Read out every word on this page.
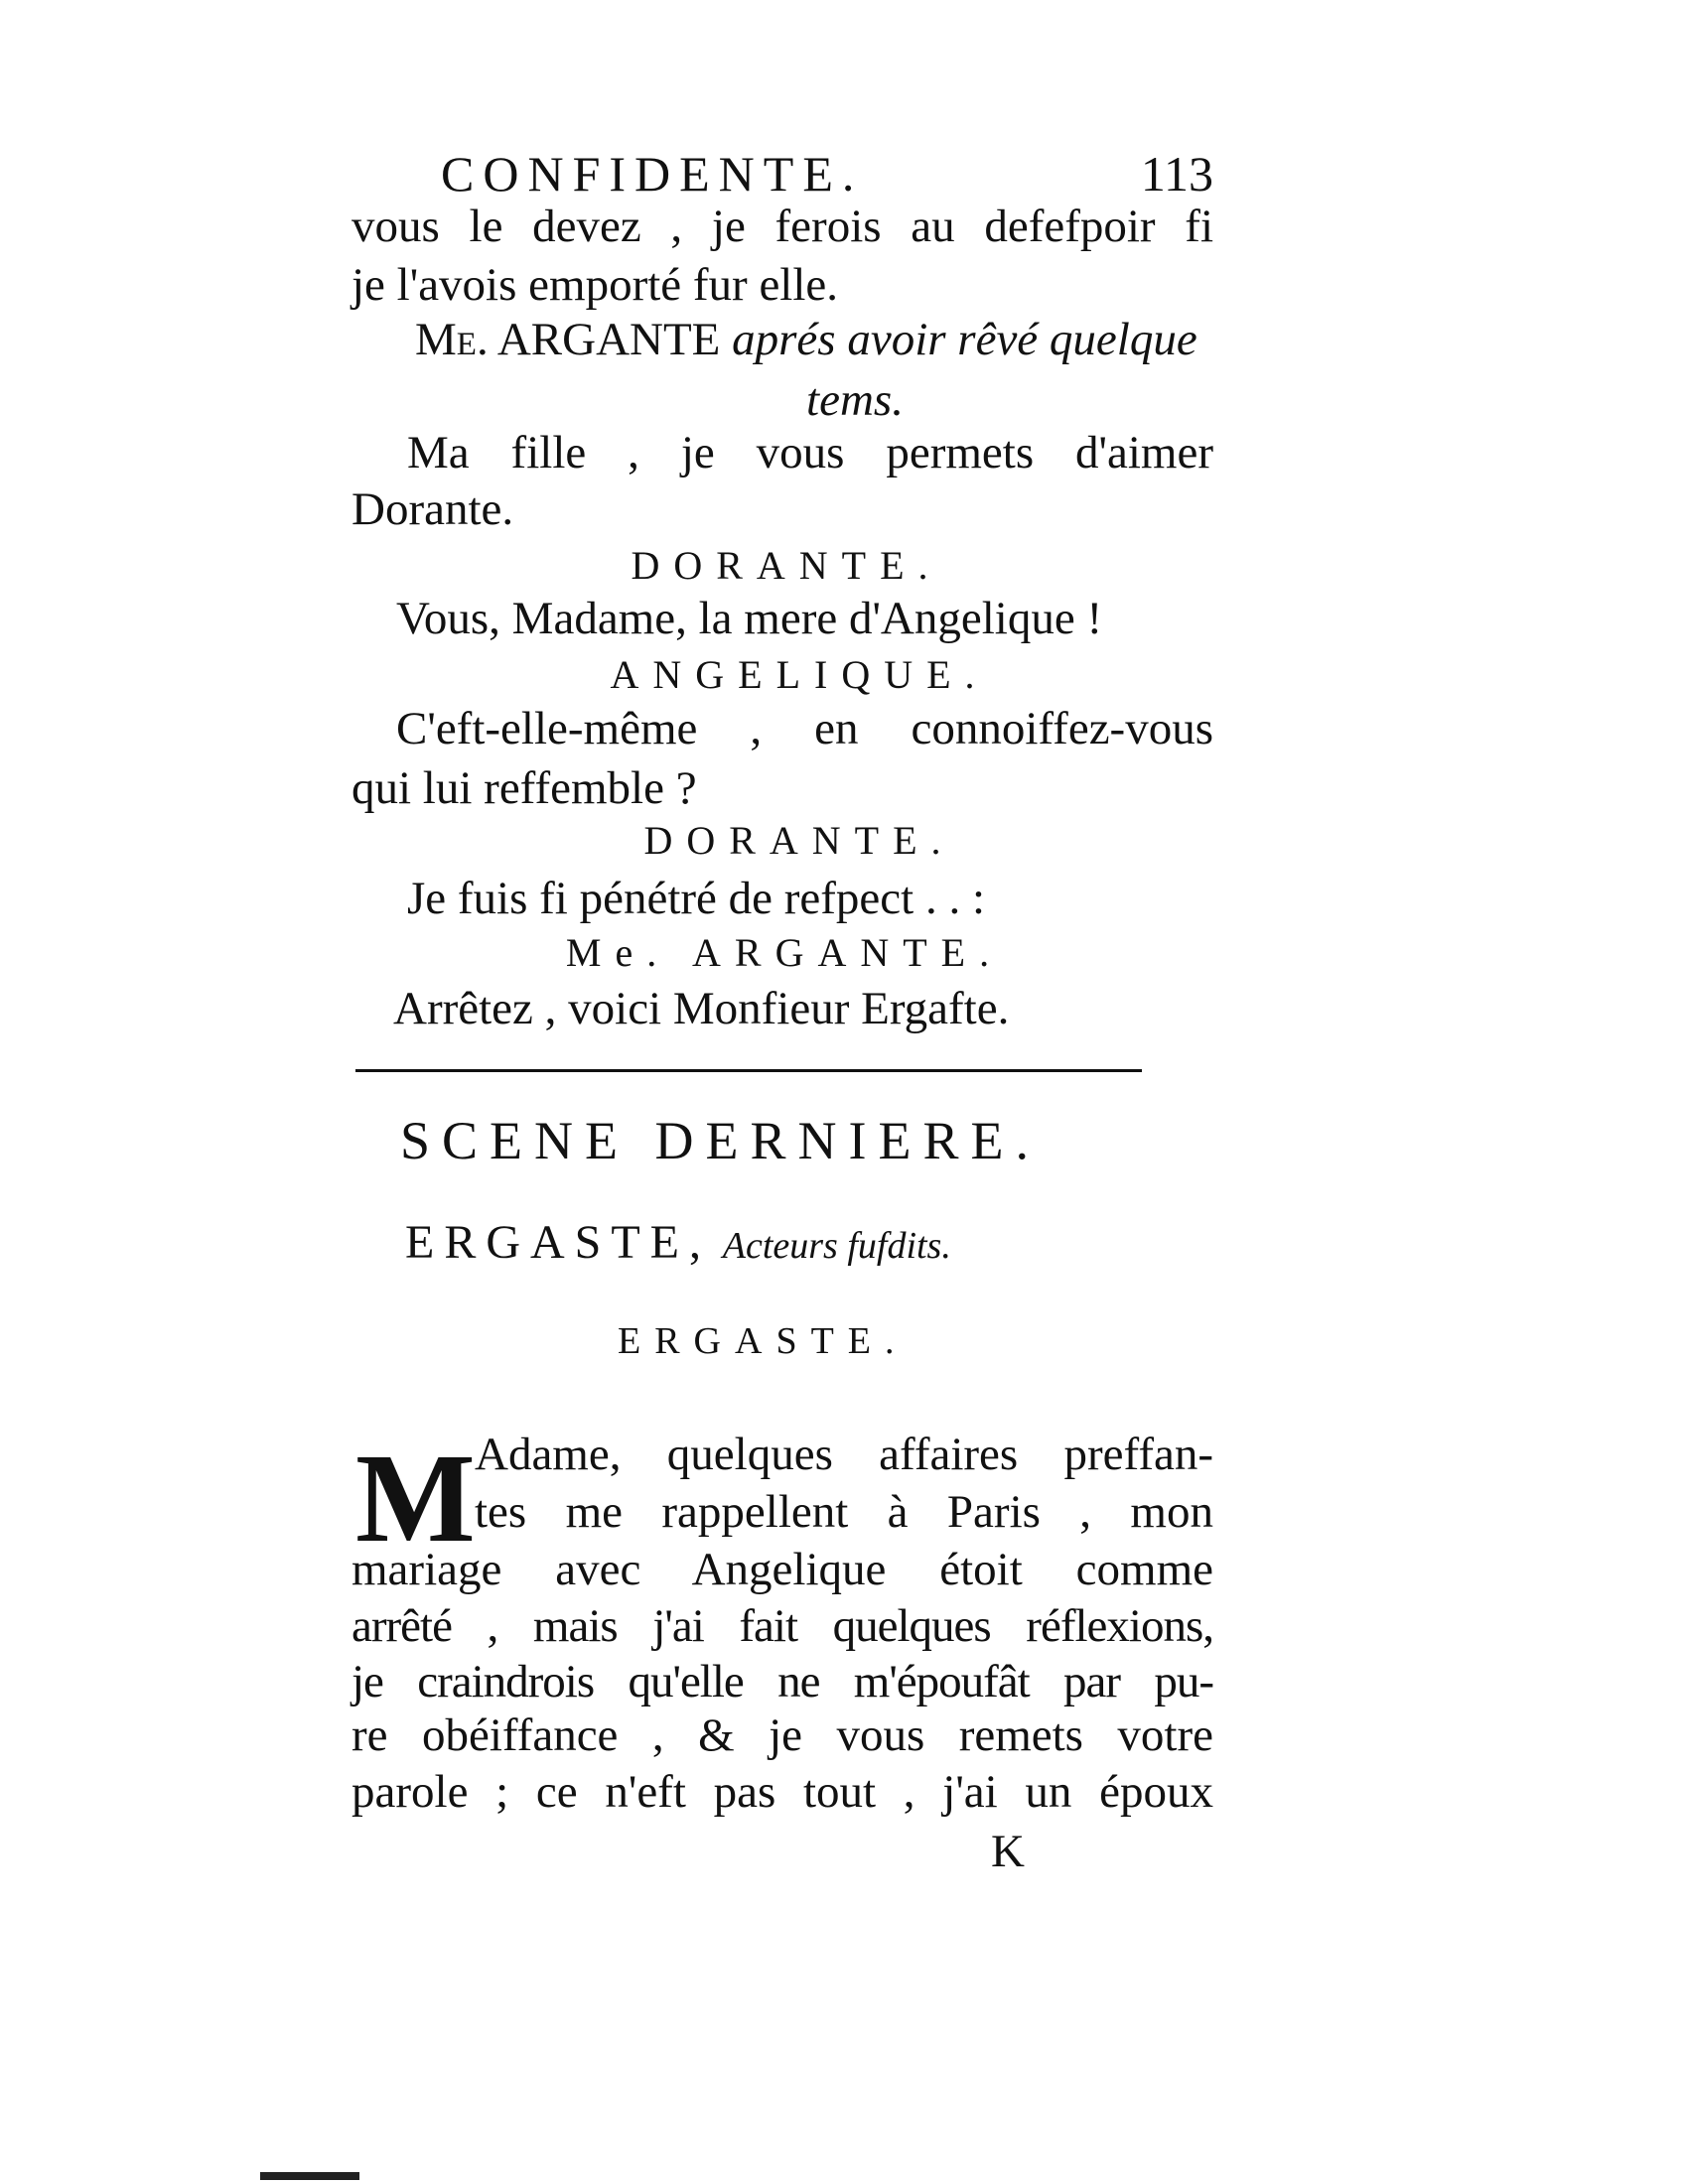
CONFIDENTE.	113
vous le devez , je ferois au defefpoir fi
je l'avois emporté fur elle.
Me. ARGANTE aprés avoir rêvé quelque
tems.
Ma fille , je vous permets d'aimer
Dorante.
DORANTE.
Vous, Madame, la mere d'Angelique !
ANGELIQUE.
C'eft-elle-même , en connoiffez-vous
qui lui reffemble ?
DORANTE.
Je fuis fi pénétré de refpect . . :
Me. ARGANTE.
Arrêtez , voici Monfieur Ergafte.
SCENE DERNIERE.
ERGASTE, Acteurs fufdits.
ERGASTE.
M Adame, quelques affaires preffan-
tes me rappellent à Paris , mon
mariage avec Angelique étoit comme
arrêté , mais j'ai fait quelques réflexions,
je craindrois qu'elle ne m'époufât par pu-
re obéiffance , & je vous remets votre
parole ; ce n'eft pas tout , j'ai un époux
K
